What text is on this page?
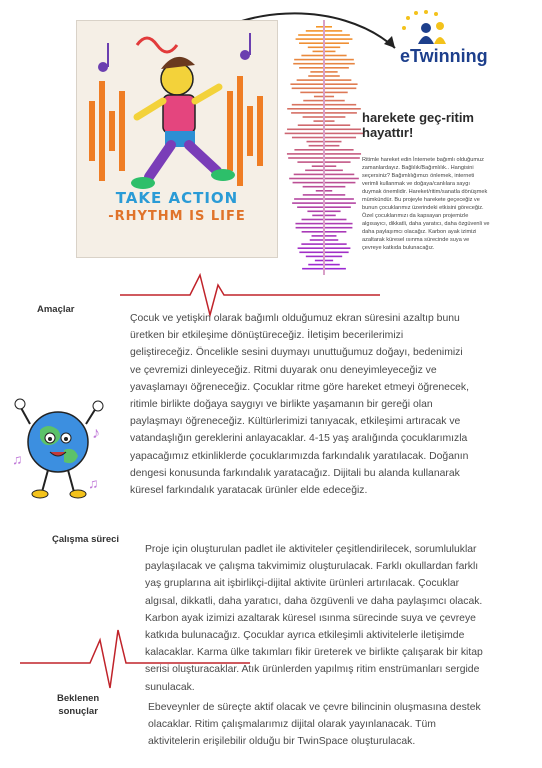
TAKE ACTION
-RHYTHM IS LIFE
eTwinning
harekete geç-ritim
hayattır!
Ritimle hareket edin İnternete bağımlı olduğumuz zamanlardayız. Bağlılık/Bağımlılık.. Hangisini seçersiniz? Bağımlılığımızı önlemek, interneti verimli kullanmak ve doğaya/canlılara saygı duymak önemlidir. Hareket/ritim/sanatla dönüşmek mümkündür. Bu projeyle harekete geçeceğiz ve bunun çocuklarımız üzerindeki etkisini göreceğiz. Özel çocuklarımızı da kapsayan projemizle algısayıcı, dikkatli, daha yaratıcı, daha özgüvenli ve daha paylaşımcı olacağız. Karbon ayak izimizi azaltarak küresel ısınma sürecinde suya ve çevreye katkıda bulunacağız.
♪
♫
♫
Amaçlar
Çocuk ve yetişkin olarak bağımlı olduğumuz ekran süresini azaltıp bunu
üretken bir etkileşime dönüştüreceğiz. İletişim becerilerimizi
geliştireceğiz. Öncelikle sesini duymayı unuttuğumuz doğayı, bedenimizi
ve çevremizi dinleyeceğiz. Ritmi duyarak onu deneyimleyeceğiz ve
yavaşlamayı öğreneceğiz. Çocuklar ritme göre hareket etmeyi öğrenecek,
ritimle birlikte doğaya saygıyı ve birlikte yaşamanın bir gereği olan
paylaşmayı öğreneceğiz. Kültürlerimizi tanıyacak, etkileşimi artıracak ve
vatandaşlığın gereklerini anlayacaklar. 4-15 yaş aralığında çocuklarımızla
yapacağımız etkinliklerde çocuklarımızda farkındalık yaratılacak. Doğanın
dengesi konusunda farkındalık yaratacağız. Dijitali bu alanda kullanarak
küresel farkındalık yaratacak ürünler elde edeceğiz.
Çalışma süreci
Proje için oluşturulan padlet ile aktiviteler çeşitlendirilecek, sorumluluklar
paylaşılacak ve çalışma takvimimiz oluşturulacak. Farklı okullardan farklı
yaş gruplarına ait işbirlikçi-dijital aktivite ürünleri artırılacak. Çocuklar
algısal, dikkatli, daha yaratıcı, daha özgüvenli ve daha paylaşımcı olacak.
Karbon ayak izimizi azaltarak küresel ısınma sürecinde suya ve çevreye
katkıda bulunacağız. Çocuklar ayrıca etkileşimli aktivitelerle iletişimde
kalacaklar. Karma ülke takımları fikir üreterek ve birlikte çalışarak bir kitap
serisi oluşturacaklar. Atık ürünlerden yapılmış ritim enstrümanları sergide
sunulacak.
Beklenen
sonuçlar	Ebeveynler de süreçte aktif olacak ve çevre bilincinin oluşmasına destek
olacaklar. Ritim çalışmalarımız dijital olarak yayınlanacak. Tüm
aktivitelerin erişilebilir olduğu bir TwinSpace oluşturulacak.
